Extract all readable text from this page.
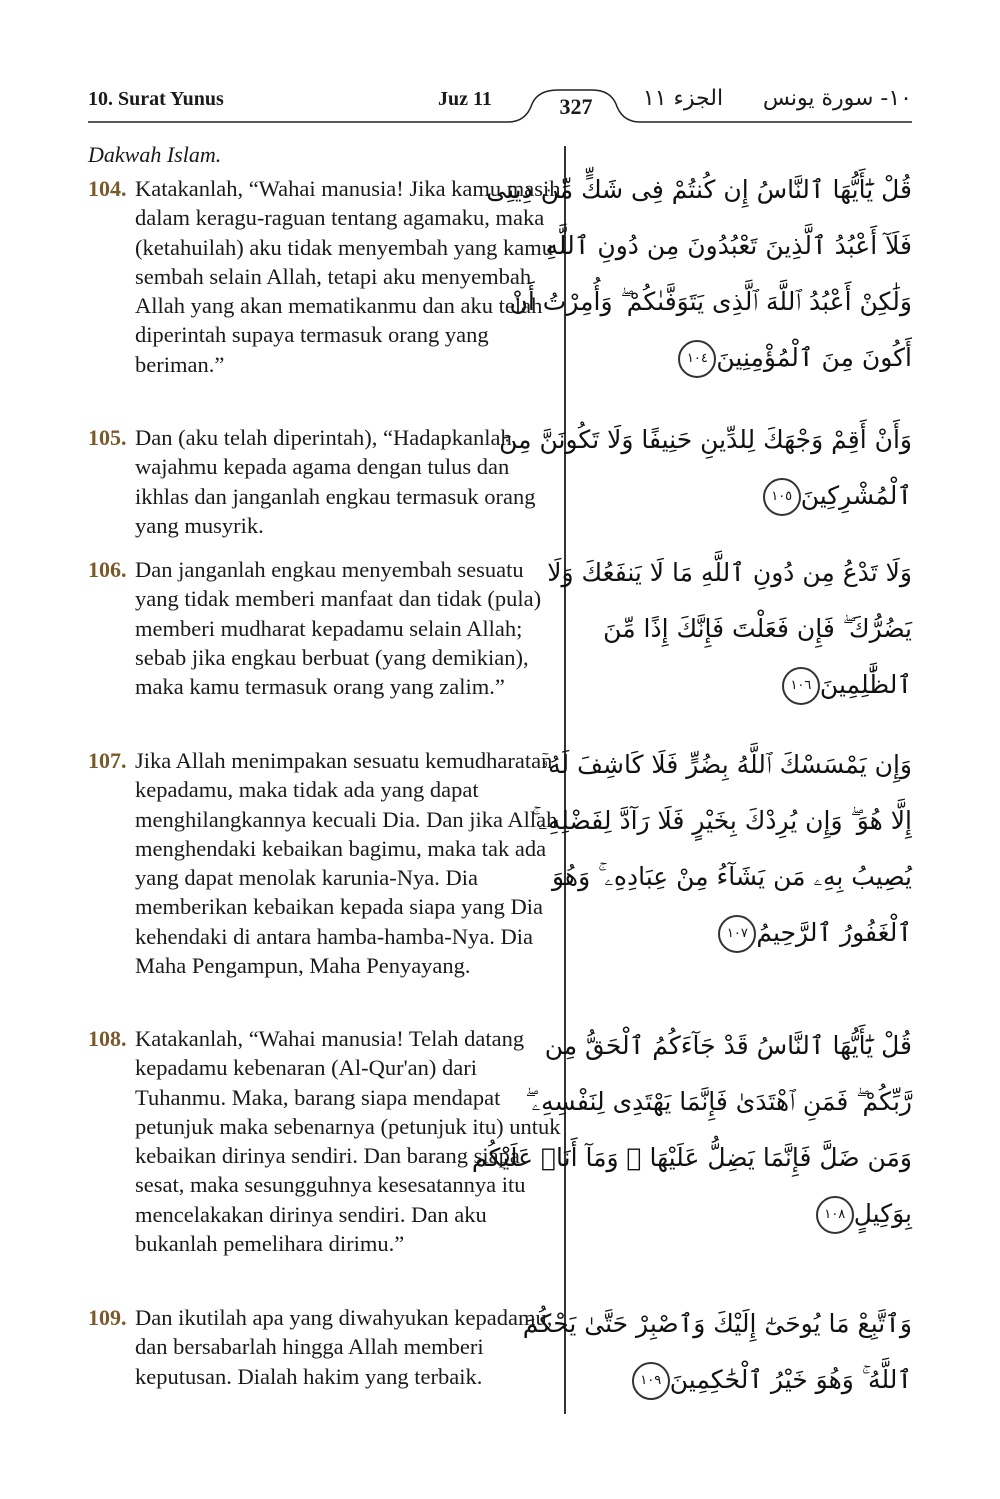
10. Surat Yunus	Juz 11	327	الجزء ١١	١٠- سورة يونس
Dakwah Islam.
104. Katakanlah, “Wahai manusia! Jika kamu masih dalam keragu-raguan tentang agamaku, maka (ketahuilah) aku tidak menyembah yang kamu sembah selain Allah, tetapi aku menyembah Allah yang akan mematikanmu dan aku telah diperintah supaya termasuk orang yang beriman.”
105. Dan (aku telah diperintah), “Hadapkanlah wajahmu kepada agama dengan tulus dan ikhlas dan janganlah engkau termasuk orang yang musyrik.
106. Dan janganlah engkau menyembah sesuatu yang tidak memberi manfaat dan tidak (pula) memberi mudharat kepadamu selain Allah; sebab jika engkau berbuat (yang demikian), maka kamu termasuk orang yang zalim.”
107. Jika Allah menimpakan sesuatu kemudharatan kepadamu, maka tidak ada yang dapat menghilangkannya kecuali Dia. Dan jika Allah menghendaki kebaikan bagimu, maka tak ada yang dapat menolak karunia-Nya. Dia memberikan kebaikan kepada siapa yang Dia kehendaki di antara hamba-hamba-Nya. Dia Maha Pengampun, Maha Penyayang.
108. Katakanlah, “Wahai manusia! Telah datang kepadamu kebenaran (Al-Qur'an) dari Tuhanmu. Maka, barang siapa mendapat petunjuk maka sebenarnya (petunjuk itu) untuk kebaikan dirinya sendiri. Dan barang siapa sesat, maka sesungguhnya kesesatannya itu mencelakakan dirinya sendiri. Dan aku bukanlah pemelihara dirimu.”
109. Dan ikutilah apa yang diwahyukan kepadamu, dan bersabarlah hingga Allah memberi keputusan. Dialah hakim yang terbaik.
قُلْ يَٰٓأَيُّهَا ٱلنَّاسُ إِن كُنتُمْ فِى شَكٍّ مِّن دِينِى
فَلَآ أَعْبُدُ ٱلَّذِينَ تَعْبُدُونَ مِن دُونِ ٱللَّهِ
وَلَٰكِنْ أَعْبُدُ ٱللَّهَ ٱلَّذِى يَتَوَفَّىٰكُمْ ۖ وَأُمِرْتُ أَنْ
أَكُونَ مِنَ ٱلْمُؤْمِنِينَ١٠٤
وَأَنْ أَقِمْ وَجْهَكَ لِلدِّينِ حَنِيفًا وَلَا تَكُونَنَّ مِنَ
ٱلْمُشْرِكِينَ١٠٥
وَلَا تَدْعُ مِن دُونِ ٱللَّهِ مَا لَا يَنفَعُكَ وَلَا
يَضُرُّكَ ۖ فَإِن فَعَلْتَ فَإِنَّكَ إِذًا مِّنَ
ٱلظَّٰلِمِينَ١٠٦
وَإِن يَمْسَسْكَ ٱللَّهُ بِضُرٍّ فَلَا كَاشِفَ لَهُۥٓ
إِلَّا هُوَ ۖ وَإِن يُرِدْكَ بِخَيْرٍ فَلَا رَآدَّ لِفَضْلِهِۦ ۚ
يُصِيبُ بِهِۦ مَن يَشَآءُ مِنْ عِبَادِهِۦ ۚ وَهُوَ
ٱلْغَفُورُ ٱلرَّحِيمُ١٠٧
قُلْ يَٰٓأَيُّهَا ٱلنَّاسُ قَدْ جَآءَكُمُ ٱلْحَقُّ مِن
رَّبِّكُمْ ۖ فَمَنِ ٱهْتَدَىٰ فَإِنَّمَا يَهْتَدِى لِنَفْسِهِۦ ۖ
وَمَن ضَلَّ فَإِنَّمَا يَضِلُّ عَلَيْهَا ۖ وَمَآ أَنَا۠ عَلَيْكُم
بِوَكِيلٍ١٠٨
وَٱتَّبِعْ مَا يُوحَىٰٓ إِلَيْكَ وَٱصْبِرْ حَتَّىٰ يَحْكُمَ
ٱللَّهُ ۚ وَهُوَ خَيْرُ ٱلْحَٰكِمِينَ١٠٩
